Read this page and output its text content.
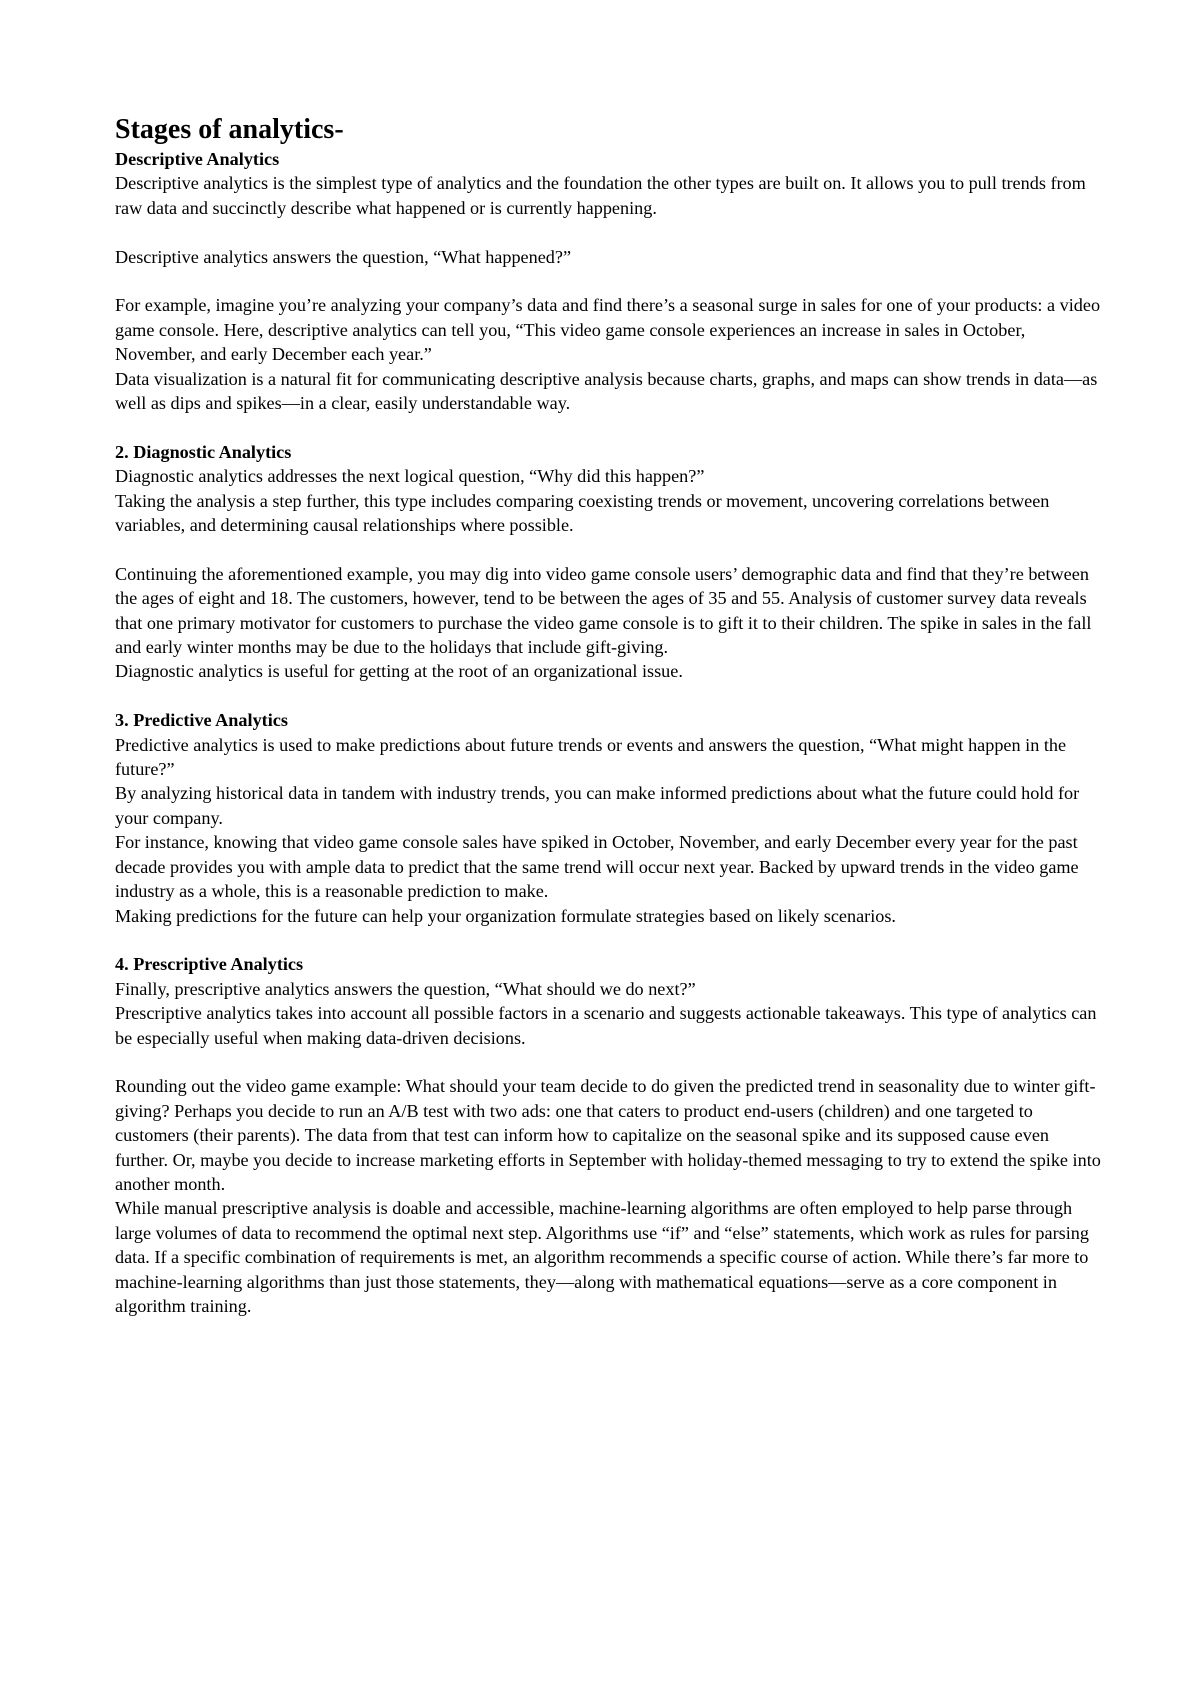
Stages of analytics-
Descriptive Analytics

Descriptive analytics is the simplest type of analytics and the foundation the other types are built on. It allows you to pull trends from raw data and succinctly describe what happened or is currently happening.

Descriptive analytics answers the question, “What happened?”

For example, imagine you’re analyzing your company’s data and find there’s a seasonal surge in sales for one of your products: a video game console. Here, descriptive analytics can tell you, “This video game console experiences an increase in sales in October, November, and early December each year.”

Data visualization is a natural fit for communicating descriptive analysis because charts, graphs, and maps can show trends in data—as well as dips and spikes—in a clear, easily understandable way.

2. Diagnostic Analytics

Diagnostic analytics addresses the next logical question, “Why did this happen?”

Taking the analysis a step further, this type includes comparing coexisting trends or movement, uncovering correlations between variables, and determining causal relationships where possible.

Continuing the aforementioned example, you may dig into video game console users’ demographic data and find that they’re between the ages of eight and 18. The customers, however, tend to be between the ages of 35 and 55. Analysis of customer survey data reveals that one primary motivator for customers to purchase the video game console is to gift it to their children. The spike in sales in the fall and early winter months may be due to the holidays that include gift-giving.

Diagnostic analytics is useful for getting at the root of an organizational issue.

3. Predictive Analytics

Predictive analytics is used to make predictions about future trends or events and answers the question, “What might happen in the future?”

By analyzing historical data in tandem with industry trends, you can make informed predictions about what the future could hold for your company.

For instance, knowing that video game console sales have spiked in October, November, and early December every year for the past decade provides you with ample data to predict that the same trend will occur next year. Backed by upward trends in the video game industry as a whole, this is a reasonable prediction to make.

Making predictions for the future can help your organization formulate strategies based on likely scenarios.

4. Prescriptive Analytics

Finally, prescriptive analytics answers the question, “What should we do next?”

Prescriptive analytics takes into account all possible factors in a scenario and suggests actionable takeaways. This type of analytics can be especially useful when making data-driven decisions.

Rounding out the video game example: What should your team decide to do given the predicted trend in seasonality due to winter gift-giving? Perhaps you decide to run an A/B test with two ads: one that caters to product end-users (children) and one targeted to customers (their parents). The data from that test can inform how to capitalize on the seasonal spike and its supposed cause even further. Or, maybe you decide to increase marketing efforts in September with holiday-themed messaging to try to extend the spike into another month.

While manual prescriptive analysis is doable and accessible, machine-learning algorithms are often employed to help parse through large volumes of data to recommend the optimal next step. Algorithms use “if” and “else” statements, which work as rules for parsing data. If a specific combination of requirements is met, an algorithm recommends a specific course of action. While there’s far more to machine-learning algorithms than just those statements, they—along with mathematical equations—serve as a core component in algorithm training.
